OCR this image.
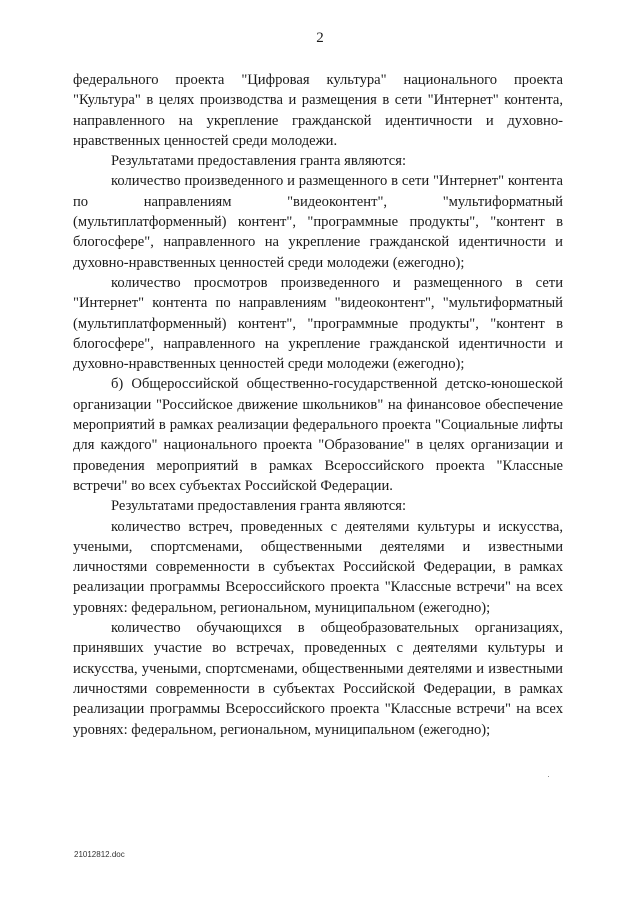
2

федерального проекта "Цифровая культура" национального проекта "Культура" в целях производства и размещения в сети "Интернет" контента, направленного на укрепление гражданской идентичности и духовно-нравственных ценностей среди молодежи.

Результатами предоставления гранта являются:

количество произведенного и размещенного в сети "Интернет" контента по направлениям "видеоконтент", "мультиформатный (мультиплатформенный) контент", "программные продукты", "контент в блогосфере", направленного на укрепление гражданской идентичности и духовно-нравственных ценностей среди молодежи (ежегодно);

количество просмотров произведенного и размещенного в сети "Интернет" контента по направлениям "видеоконтент", "мультиформатный (мультиплатформенный) контент", "программные продукты", "контент в блогосфере", направленного на укрепление гражданской идентичности и духовно-нравственных ценностей среди молодежи (ежегодно);

б) Общероссийской общественно-государственной детско-юношеской организации "Российское движение школьников" на финансовое обеспечение мероприятий в рамках реализации федерального проекта "Социальные лифты для каждого" национального проекта "Образование" в целях организации и проведения мероприятий в рамках Всероссийского проекта "Классные встречи" во всех субъектах Российской Федерации.

Результатами предоставления гранта являются:

количество встреч, проведенных с деятелями культуры и искусства, учеными, спортсменами, общественными деятелями и известными личностями современности в субъектах Российской Федерации, в рамках реализации программы Всероссийского проекта "Классные встречи" на всех уровнях: федеральном, региональном, муниципальном (ежегодно);

количество обучающихся в общеобразовательных организациях, принявших участие во встречах, проведенных с деятелями культуры и искусства, учеными, спортсменами, общественными деятелями и известными личностями современности в субъектах Российской Федерации, в рамках реализации программы Всероссийского проекта "Классные встречи" на всех уровнях: федеральном, региональном, муниципальном (ежегодно);

21012812.doc
